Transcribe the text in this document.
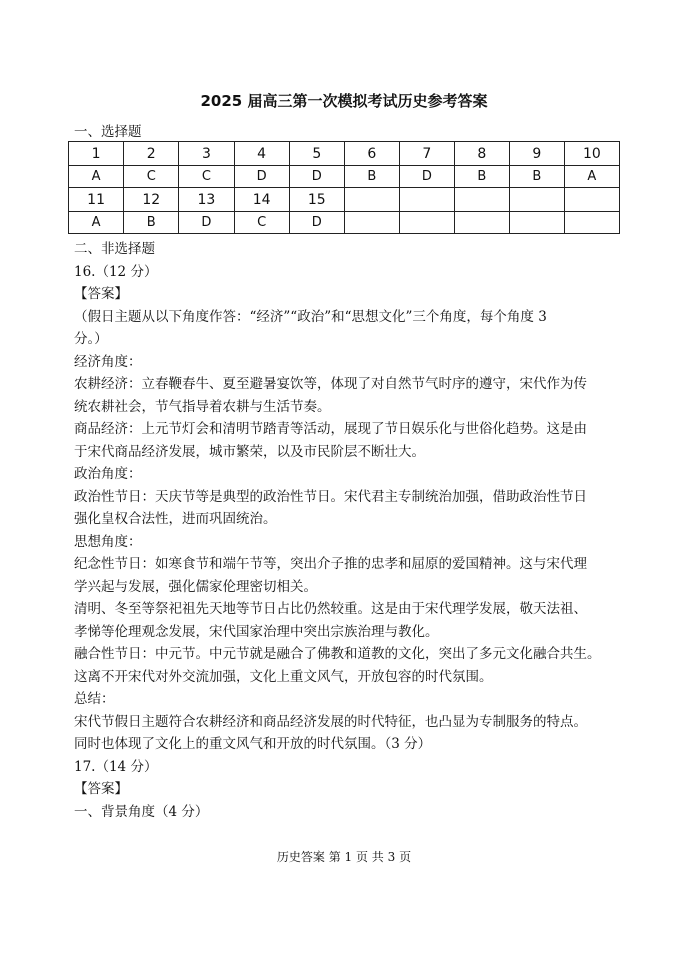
2025 届高三第一次模拟考试历史参考答案
一、选择题
1	2	3	4	5	6	7	8	9	10
A	C	C	D	D	B	D	B	B	A
11	12	13	14	15					
A	B	D	C	D					

二、非选择题

16.（12 分）

【答案】

（假日主题从以下角度作答：“经济”“政治”和“思想文化”三个角度，每个角度 3

分。）

经济角度：

农耕经济：立春鞭春牛、夏至避暑宴饮等，体现了对自然节气时序的遵守，宋代作为传

统农耕社会，节气指导着农耕与生活节奏。

商品经济：上元节灯会和清明节踏青等活动，展现了节日娱乐化与世俗化趋势。这是由

于宋代商品经济发展，城市繁荣，以及市民阶层不断壮大。

政治角度：

政治性节日：天庆节等是典型的政治性节日。宋代君主专制统治加强，借助政治性节日

强化皇权合法性，进而巩固统治。

思想角度：

纪念性节日：如寒食节和端午节等，突出介子推的忠孝和屈原的爱国精神。这与宋代理

学兴起与发展，强化儒家伦理密切相关。

清明、冬至等祭祀祖先天地等节日占比仍然较重。这是由于宋代理学发展，敬天法祖、

孝悌等伦理观念发展，宋代国家治理中突出宗族治理与教化。

融合性节日：中元节。中元节就是融合了佛教和道教的文化，突出了多元文化融合共生。

这离不开宋代对外交流加强，文化上重文风气，开放包容的时代氛围。

总结：

宋代节假日主题符合农耕经济和商品经济发展的时代特征，也凸显为专制服务的特点。

同时也体现了文化上的重文风气和开放的时代氛围。（3 分）

17.（14 分）

【答案】

一、背景角度（4 分）

历史答案 第 1 页 共 3 页
